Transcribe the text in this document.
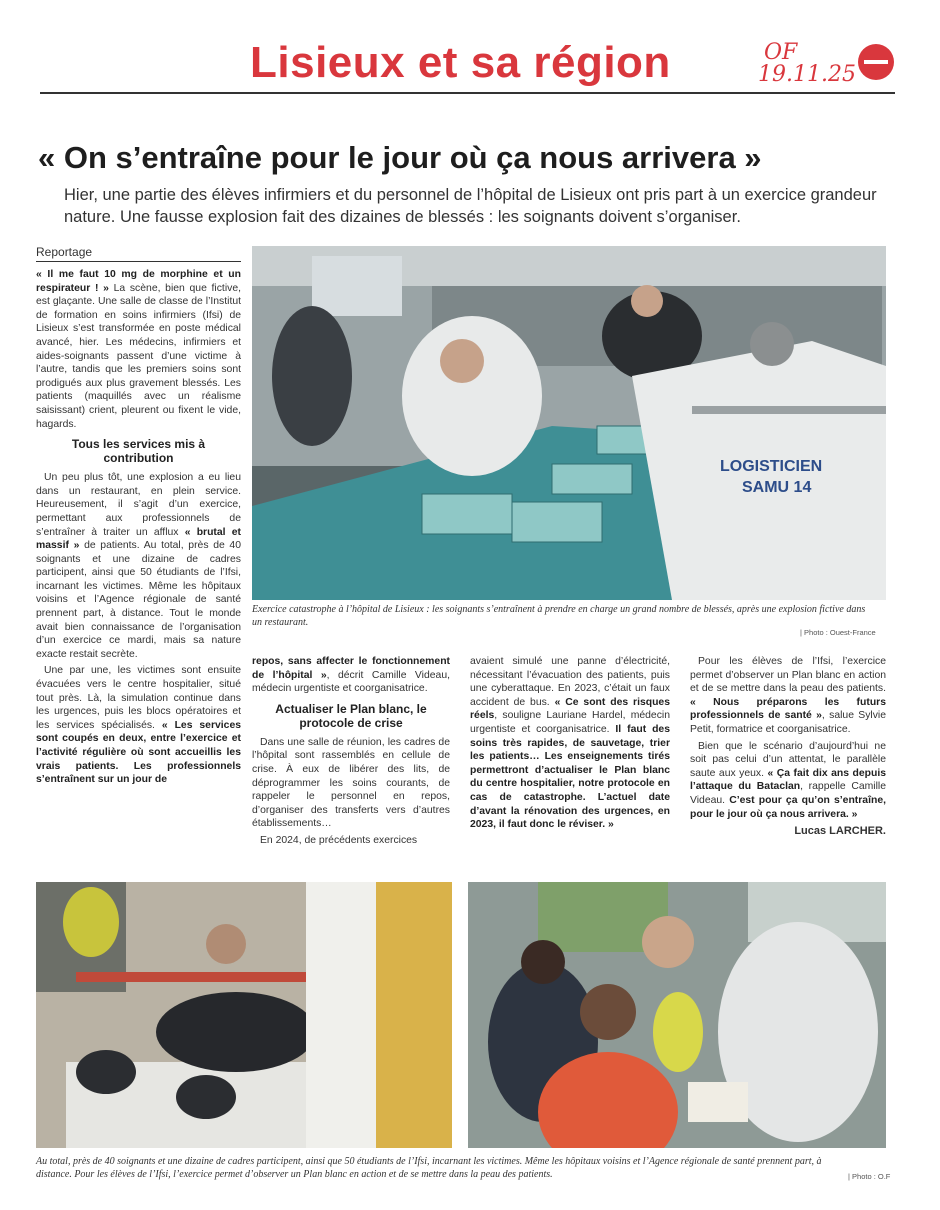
Lisieux et sa région	OF
19.11.25
« On s’entraîne pour le jour où ça nous arrivera »
Hier, une partie des élèves infirmiers et du personnel de l’hôpital de Lisieux ont pris part à un exercice grandeur nature. Une fausse explosion fait des dizaines de blessés : les soignants doivent s’organiser.
Reportage

« Il me faut 10 mg de morphine et un respirateur ! » La scène, bien que fictive, est glaçante. Une salle de classe de l’Institut de formation en soins infirmiers (Ifsi) de Lisieux s’est transformée en poste médical avancé, hier. Les médecins, infirmiers et aides-soignants passent d’une victime à l’autre, tandis que les premiers soins sont prodigués aux plus gravement blessés. Les patients (maquillés avec un réalisme saisissant) crient, pleurent ou fixent le vide, hagards.

Tous les services mis à contribution

Un peu plus tôt, une explosion a eu lieu dans un restaurant, en plein service. Heureusement, il s’agit d’un exercice, permettant aux professionnels de s’entraîner à traiter un afflux « brutal et massif » de patients. Au total, près de 40 soignants et une dizaine de cadres participent, ainsi que 50 étudiants de l’Ifsi, incarnant les victimes. Même les hôpitaux voisins et l’Agence régionale de santé prennent part, à distance. Tout le monde avait bien connaissance de l’organisation d’un exercice ce mardi, mais sa nature exacte restait secrète.

Une par une, les victimes sont ensuite évacuées vers le centre hospitalier, situé tout près. Là, la simulation continue dans les urgences, puis les blocs opératoires et les services spécialisés. « Les services sont coupés en deux, entre l’exercice et l’activité régulière où sont accueillis les vrais patients. Les professionnels s’entraînent sur un jour de

LOGISTICIEN
SAMU 14
Exercice catastrophe à l’hôpital de Lisieux : les soignants s’entraînent à prendre en charge un grand nombre de blessés, après une explosion fictive dans un restaurant.
| Photo : Ouest-France

repos, sans affecter le fonctionnement de l’hôpital », décrit Camille Videau, médecin urgentiste et coorganisatrice.

Actualiser le Plan blanc, le protocole de crise

Dans une salle de réunion, les cadres de l’hôpital sont rassemblés en cellule de crise. À eux de libérer des lits, de déprogrammer les soins courants, de rappeler le personnel en repos, d’organiser des transferts vers d’autres établissements…

En 2024, de précédents exercices

avaient simulé une panne d’électricité, nécessitant l’évacuation des patients, puis une cyberattaque. En 2023, c’était un faux accident de bus. « Ce sont des risques réels, souligne Lauriane Hardel, médecin urgentiste et coorganisatrice. Il faut des soins très rapides, de sauvetage, trier les patients… Les enseignements tirés permettront d’actualiser le Plan blanc du centre hospitalier, notre protocole en cas de catastrophe. L’actuel date d’avant la rénovation des urgences, en 2023, il faut donc le réviser. »

Pour les élèves de l’Ifsi, l’exercice permet d’observer un Plan blanc en action et de se mettre dans la peau des patients. « Nous préparons les futurs professionnels de santé », salue Sylvie Petit, formatrice et coorganisatrice.

Bien que le scénario d’aujourd’hui ne soit pas celui d’un attentat, le parallèle saute aux yeux. « Ça fait dix ans depuis l’attaque du Bataclan, rappelle Camille Videau. C’est pour ça qu’on s’entraîne, pour le jour où ça nous arrivera. »

Lucas LARCHER.
Au total, près de 40 soignants et une dizaine de cadres participent, ainsi que 50 étudiants de l’Ifsi, incarnant les victimes. Même les hôpitaux voisins et l’Agence régionale de santé prennent part, à distance. Pour les élèves de l’Ifsi, l’exercice permet d’observer un Plan blanc en action et de se mettre dans la peau des patients.	| Photo : O.F
